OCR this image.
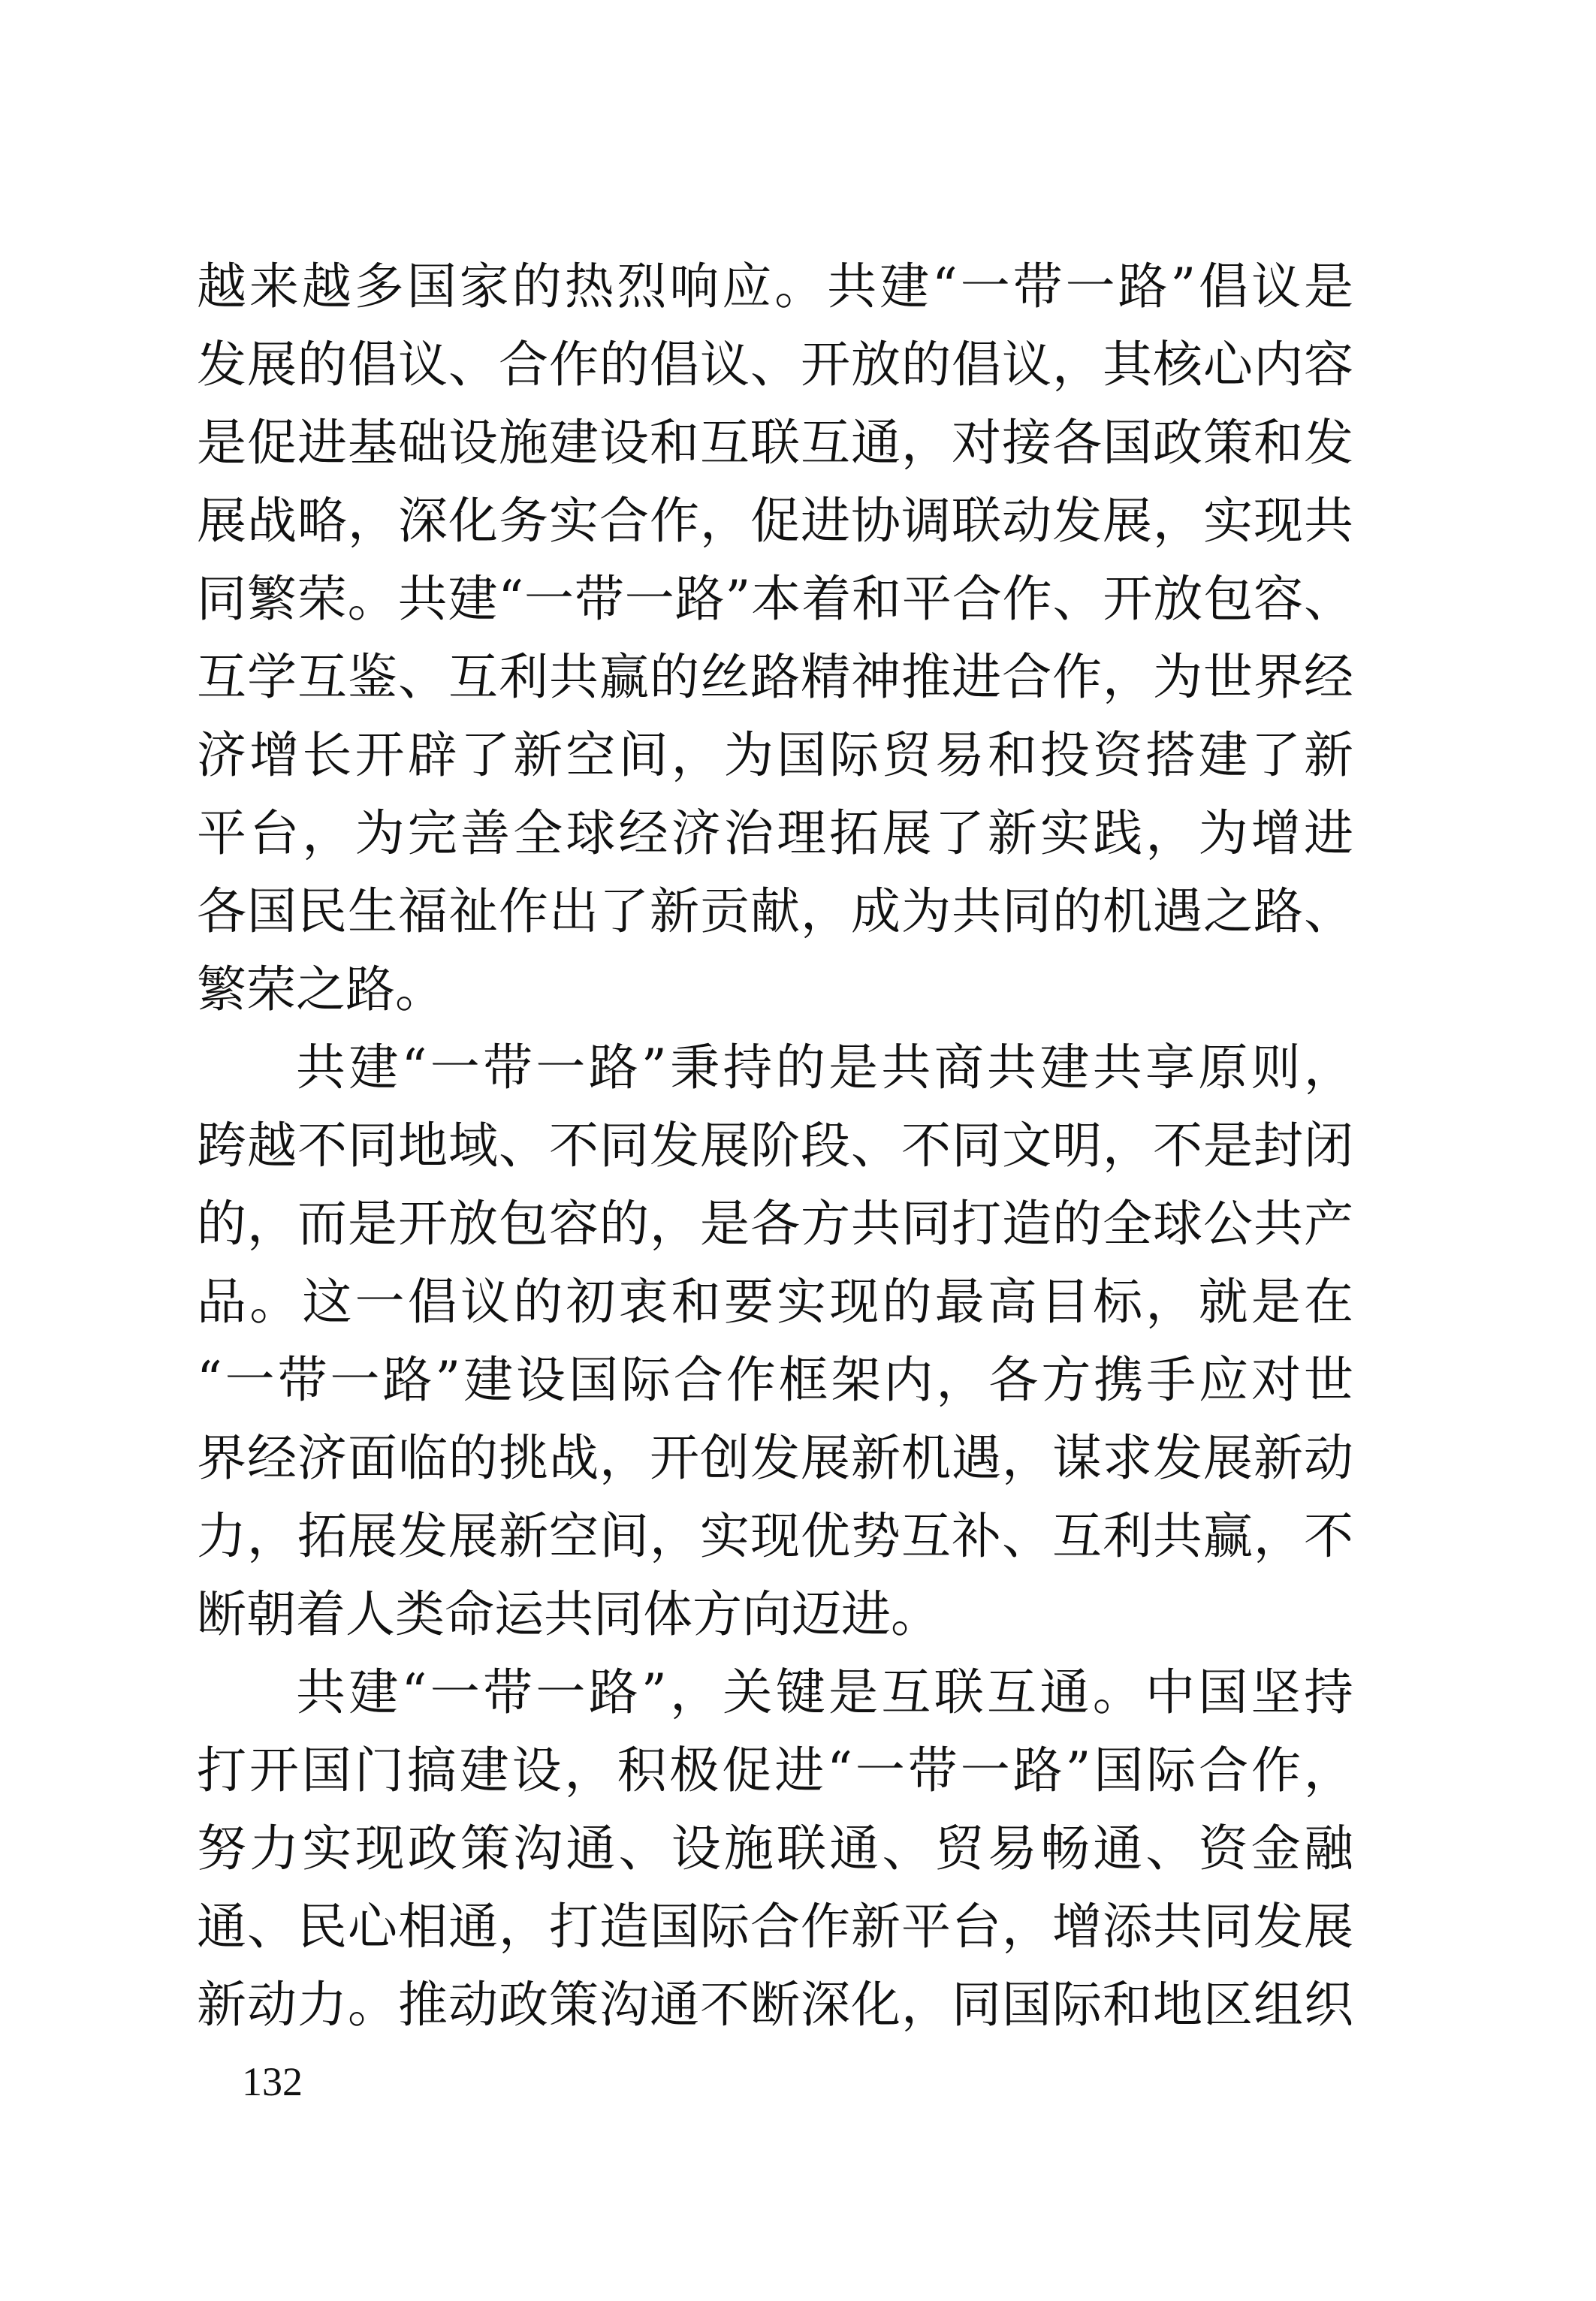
越来越多国家的热烈响应。共建“一带一路”倡议是
发展的倡议、合作的倡议、开放的倡议，其核心内容
是促进基础设施建设和互联互通，对接各国政策和发
展战略，深化务实合作，促进协调联动发展，实现共
同繁荣。共建“一带一路”本着和平合作、开放包容、
互学互鉴、互利共赢的丝路精神推进合作，为世界经
济增长开辟了新空间，为国际贸易和投资搭建了新
平台，为完善全球经济治理拓展了新实践，为增进
各国民生福祉作出了新贡献，成为共同的机遇之路、
繁荣之路。
共建“一带一路”秉持的是共商共建共享原则，
跨越不同地域、不同发展阶段、不同文明，不是封闭
的，而是开放包容的，是各方共同打造的全球公共产
品。这一倡议的初衷和要实现的最高目标，就是在
“一带一路”建设国际合作框架内，各方携手应对世
界经济面临的挑战，开创发展新机遇，谋求发展新动
力，拓展发展新空间，实现优势互补、互利共赢，不
断朝着人类命运共同体方向迈进。
共建“一带一路”，关键是互联互通。中国坚持
打开国门搞建设，积极促进“一带一路”国际合作，
努力实现政策沟通、设施联通、贸易畅通、资金融
通、民心相通，打造国际合作新平台，增添共同发展
新动力。推动政策沟通不断深化，同国际和地区组织
132
